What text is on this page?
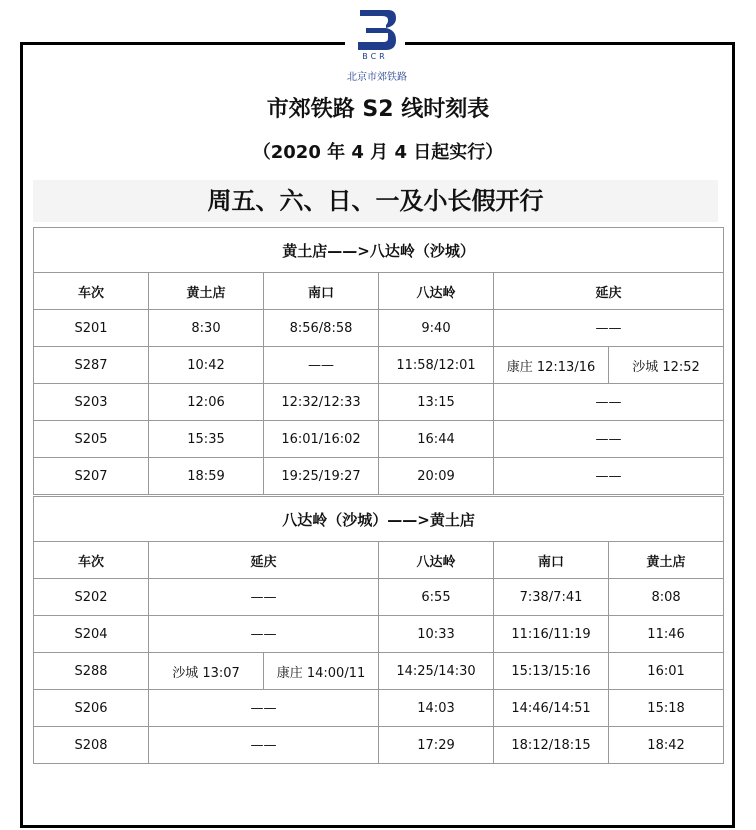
BCR
北京市郊铁路
市郊铁路 S2 线时刻表
（2020 年 4 月 4 日起实行）
周五、六、日、一及小长假开行
黄土店——>八达岭（沙城）					
车次	黄土店	南口	八达岭	延庆	
S201	8:30	8:56/8:58	9:40	——	
S287	10:42	——	11:58/12:01	康庄 12:13/16	沙城 12:52
S203	12:06	12:32/12:33	13:15	——	
S205	15:35	16:01/16:02	16:44	——	
S207	18:59	19:25/19:27	20:09	——	
八达岭（沙城）——>黄土店					
车次	延庆		八达岭	南口	黄土店
S202	——		6:55	7:38/7:41	8:08
S204	——		10:33	11:16/11:19	11:46
S288	沙城 13:07	康庄 14:00/11	14:25/14:30	15:13/15:16	16:01
S206	——		14:03	14:46/14:51	15:18
S208	——		17:29	18:12/18:15	18:42
